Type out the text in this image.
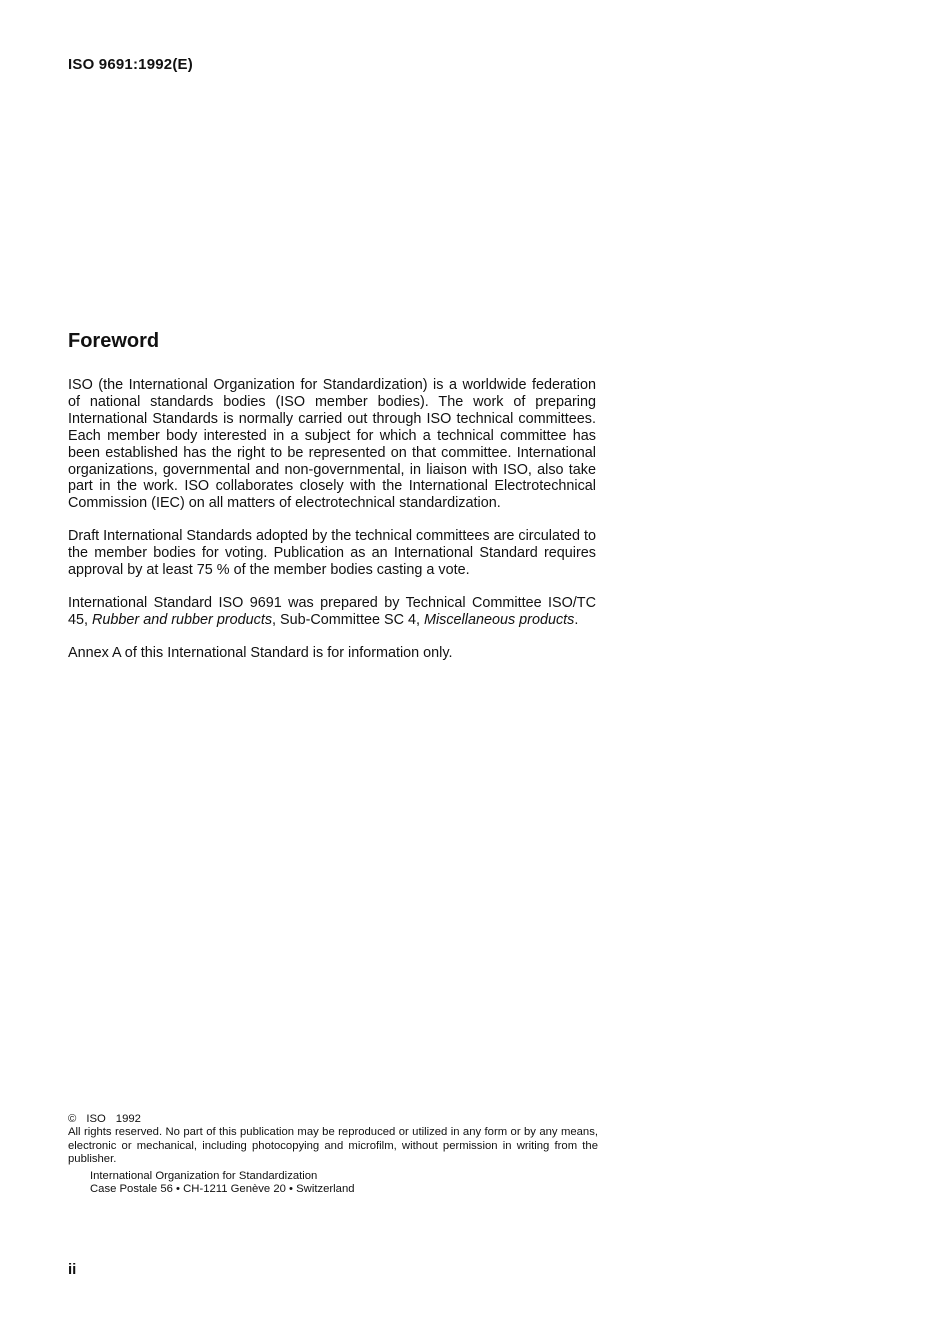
ISO 9691:1992(E)
Foreword

ISO (the International Organization for Standardization) is a worldwide federation of national standards bodies (ISO member bodies). The work of preparing International Standards is normally carried out through ISO technical committees. Each member body interested in a subject for which a technical committee has been established has the right to be represented on that committee. International organizations, governmental and non-governmental, in liaison with ISO, also take part in the work. ISO collaborates closely with the International Electrotechnical Commission (IEC) on all matters of electrotechnical standardization.

Draft International Standards adopted by the technical committees are circulated to the member bodies for voting. Publication as an International Standard requires approval by at least 75 % of the member bodies casting a vote.

International Standard ISO 9691 was prepared by Technical Committee ISO/TC 45, Rubber and rubber products, Sub-Committee SC 4, Miscellaneous products.

Annex A of this International Standard is for information only.

© ISO 1992
All rights reserved. No part of this publication may be reproduced or utilized in any form or by any means, electronic or mechanical, including photocopying and microfilm, without permission in writing from the publisher.
International Organization for Standardization
Case Postale 56 • CH-1211 Genève 20 • Switzerland
ii
